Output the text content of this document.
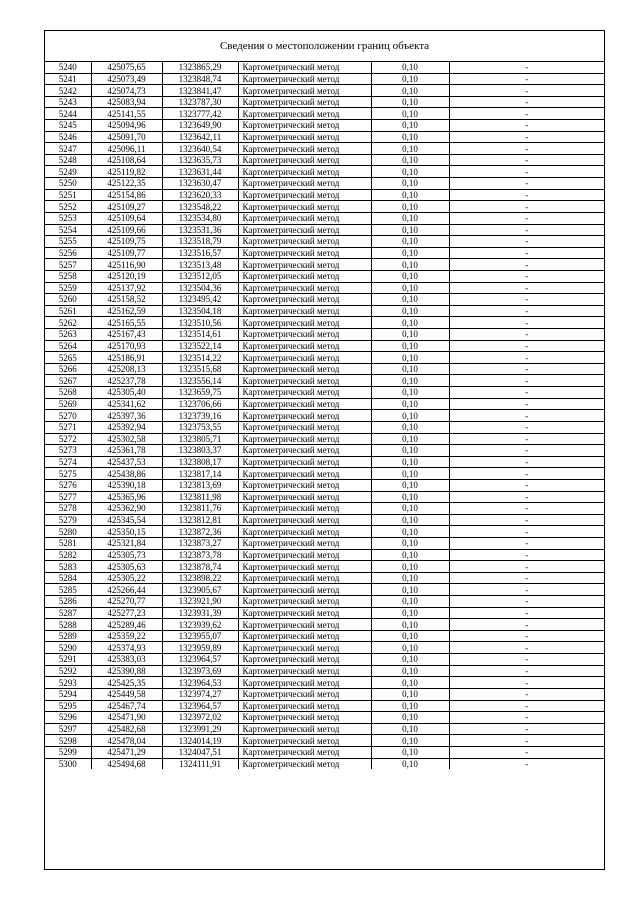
Сведения о местоположении границ объекта
5240	425075,65	1323865,29	Картометрический метод	0,10	-
5241	425073,49	1323848,74	Картометрический метод	0,10	-
5242	425074,73	1323841,47	Картометрический метод	0,10	-
5243	425083,94	1323787,30	Картометрический метод	0,10	-
5244	425141,55	1323777,42	Картометрический метод	0,10	-
5245	425094,96	1323649,90	Картометрический метод	0,10	-
5246	425091,70	1323642,11	Картометрический метод	0,10	-
5247	425096,11	1323640,54	Картометрический метод	0,10	-
5248	425108,64	1323635,73	Картометрический метод	0,10	-
5249	425119,82	1323631,44	Картометрический метод	0,10	-
5250	425122,35	1323630,47	Картометрический метод	0,10	-
5251	425154,86	1323620,33	Картометрический метод	0,10	-
5252	425109,27	1323548,22	Картометрический метод	0,10	-
5253	425109,64	1323534,80	Картометрический метод	0,10	-
5254	425109,66	1323531,36	Картометрический метод	0,10	-
5255	425109,75	1323518,79	Картометрический метод	0,10	-
5256	425109,77	1323516,57	Картометрический метод	0,10	-
5257	425116,90	1323513,48	Картометрический метод	0,10	-
5258	425120,19	1323512,05	Картометрический метод	0,10	-
5259	425137,92	1323504,36	Картометрический метод	0,10	-
5260	425158,52	1323495,42	Картометрический метод	0,10	-
5261	425162,59	1323504,18	Картометрический метод	0,10	-
5262	425165,55	1323510,56	Картометрический метод	0,10	-
5263	425167,43	1323514,61	Картометрический метод	0,10	-
5264	425170,93	1323522,14	Картометрический метод	0,10	-
5265	425186,91	1323514,22	Картометрический метод	0,10	-
5266	425208,13	1323515,68	Картометрический метод	0,10	-
5267	425237,78	1323556,14	Картометрический метод	0,10	-
5268	425305,40	1323659,75	Картометрический метод	0,10	-
5269	425341,62	1323706,66	Картометрический метод	0,10	-
5270	425397,36	1323739,16	Картометрический метод	0,10	-
5271	425392,94	1323753,55	Картометрический метод	0,10	-
5272	425302,58	1323805,71	Картометрический метод	0,10	-
5273	425361,78	1323803,37	Картометрический метод	0,10	-
5274	425437,53	1323808,17	Картометрический метод	0,10	-
5275	425438,86	1323817,14	Картометрический метод	0,10	-
5276	425390,18	1323813,69	Картометрический метод	0,10	-
5277	425365,96	1323811,98	Картометрический метод	0,10	-
5278	425362,90	1323811,76	Картометрический метод	0,10	-
5279	425345,54	1323812,81	Картометрический метод	0,10	-
5280	425350,15	1323872,36	Картометрический метод	0,10	-
5281	425321,84	1323873,27	Картометрический метод	0,10	-
5282	425305,73	1323873,78	Картометрический метод	0,10	-
5283	425305,63	1323878,74	Картометрический метод	0,10	-
5284	425305,22	1323898,22	Картометрический метод	0,10	-
5285	425266,44	1323905,67	Картометрический метод	0,10	-
5286	425270,77	1323921,90	Картометрический метод	0,10	-
5287	425277,23	1323931,39	Картометрический метод	0,10	-
5288	425289,46	1323939,62	Картометрический метод	0,10	-
5289	425359,22	1323955,07	Картометрический метод	0,10	-
5290	425374,93	1323959,89	Картометрический метод	0,10	-
5291	425383,03	1323964,57	Картометрический метод	0,10	-
5292	425390,88	1323973,69	Картометрический метод	0,10	-
5293	425425,35	1323964,53	Картометрический метод	0,10	-
5294	425449,58	1323974,27	Картометрический метод	0,10	-
5295	425467,74	1323964,57	Картометрический метод	0,10	-
5296	425471,90	1323972,02	Картометрический метод	0,10	-
5297	425482,68	1323991,29	Картометрический метод	0,10	-
5298	425478,04	1324014,19	Картометрический метод	0,10	-
5299	425471,29	1324047,51	Картометрический метод	0,10	-
5300	425494,68	1324111,91	Картометрический метод	0,10	-
